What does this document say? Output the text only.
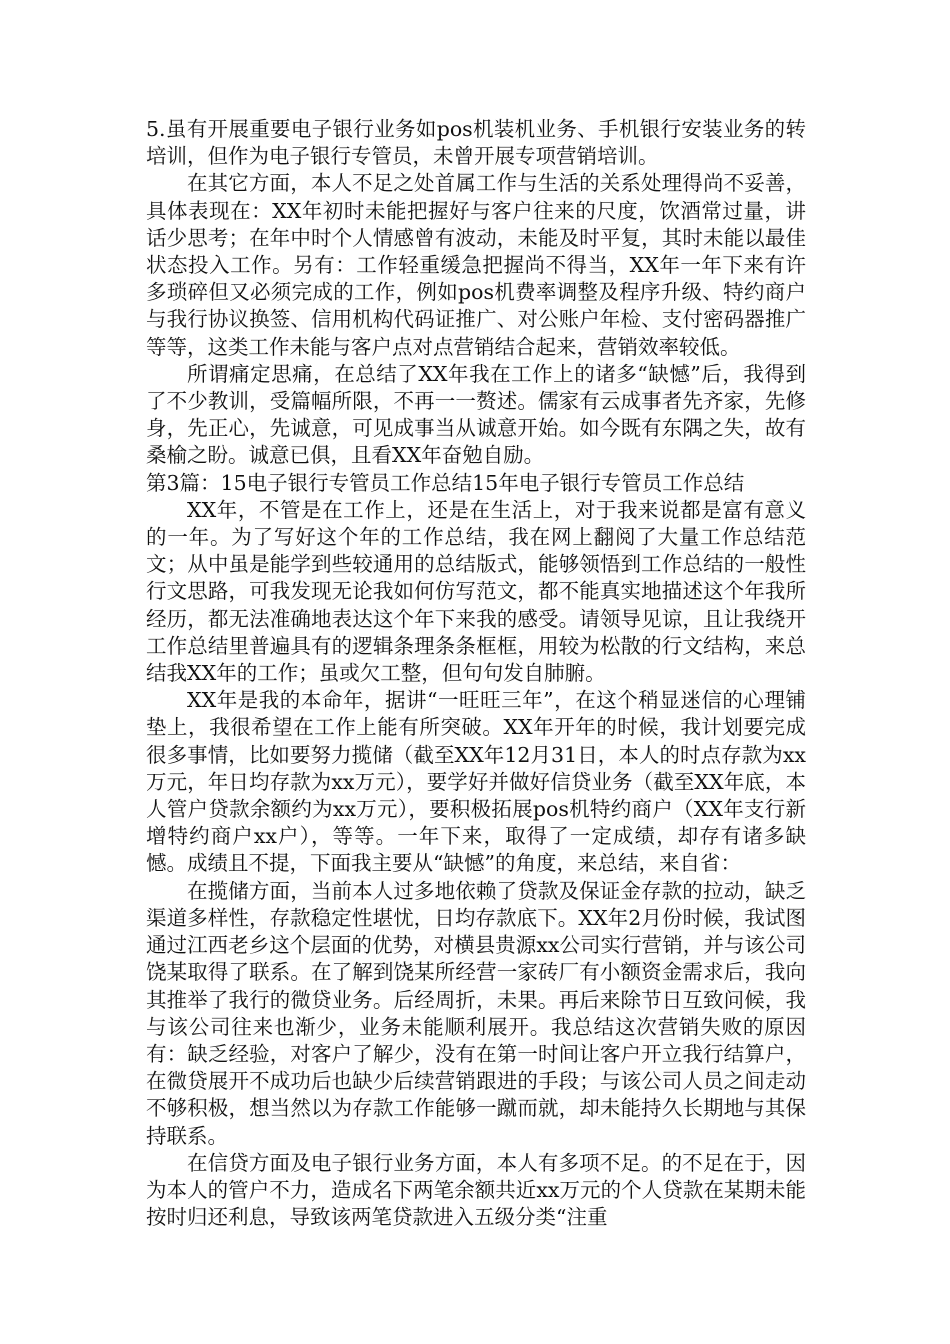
5.虽有开展重要电子银行业务如pos机装机业务、手机银行安装业务的转培训，但作为电子银行专管员，未曾开展专项营销培训。

在其它方面，本人不足之处首属工作与生活的关系处理得尚不妥善，具体表现在：XX年初时未能把握好与客户往来的尺度，饮酒常过量，讲话少思考；在年中时个人情感曾有波动，未能及时平复，其时未能以最佳状态投入工作。另有：工作轻重缓急把握尚不得当，XX年一年下来有许多琐碎但又必须完成的工作，例如pos机费率调整及程序升级、特约商户与我行协议换签、信用机构代码证推广、对公账户年检、支付密码器推广等等，这类工作未能与客户点对点营销结合起来，营销效率较低。

所谓痛定思痛，在总结了XX年我在工作上的诸多“缺憾”后，我得到了不少教训，受篇幅所限，不再一一赘述。儒家有云成事者先齐家，先修身，先正心，先诚意，可见成事当从诚意开始。如今既有东隅之失，故有桑榆之盼。诚意已俱，且看XX年奋勉自励。

第3篇：15电子银行专管员工作总结15年电子银行专管员工作总结

XX年，不管是在工作上，还是在生活上，对于我来说都是富有意义的一年。为了写好这个年的工作总结，我在网上翻阅了大量工作总结范文；从中虽是能学到些较通用的总结版式，能够领悟到工作总结的一般性行文思路，可我发现无论我如何仿写范文，都不能真实地描述这个年我所经历，都无法准确地表达这个年下来我的感受。请领导见谅，且让我绕开工作总结里普遍具有的逻辑条理条条框框，用较为松散的行文结构，来总结我XX年的工作；虽或欠工整，但句句发自肺腑。

XX年是我的本命年，据讲“一旺旺三年”，在这个稍显迷信的心理铺垫上，我很希望在工作上能有所突破。XX年开年的时候，我计划要完成很多事情，比如要努力揽储（截至XX年12月31日，本人的时点存款为xx万元，年日均存款为xx万元），要学好并做好信贷业务（截至XX年底，本人管户贷款余额约为xx万元），要积极拓展pos机特约商户（XX年支行新增特约商户xx户），等等。一年下来，取得了一定成绩，却存有诸多缺憾。成绩且不提，下面我主要从“缺憾”的角度，来总结，来自省：

在揽储方面，当前本人过多地依赖了贷款及保证金存款的拉动，缺乏渠道多样性，存款稳定性堪忧，日均存款底下。XX年2月份时候，我试图通过江西老乡这个层面的优势，对横县贵源xx公司实行营销，并与该公司饶某取得了联系。在了解到饶某所经营一家砖厂有小额资金需求后，我向其推举了我行的微贷业务。后经周折，未果。再后来除节日互致问候，我与该公司往来也渐少，业务未能顺利展开。我总结这次营销失败的原因有：缺乏经验，对客户了解少，没有在第一时间让客户开立我行结算户，在微贷展开不成功后也缺少后续营销跟进的手段；与该公司人员之间走动不够积极，想当然以为存款工作能够一蹴而就，却未能持久长期地与其保持联系。

在信贷方面及电子银行业务方面，本人有多项不足。的不足在于，因为本人的管户不力，造成名下两笔余额共近xx万元的个人贷款在某期未能按时归还利息，导致该两笔贷款进入五级分类“注重
